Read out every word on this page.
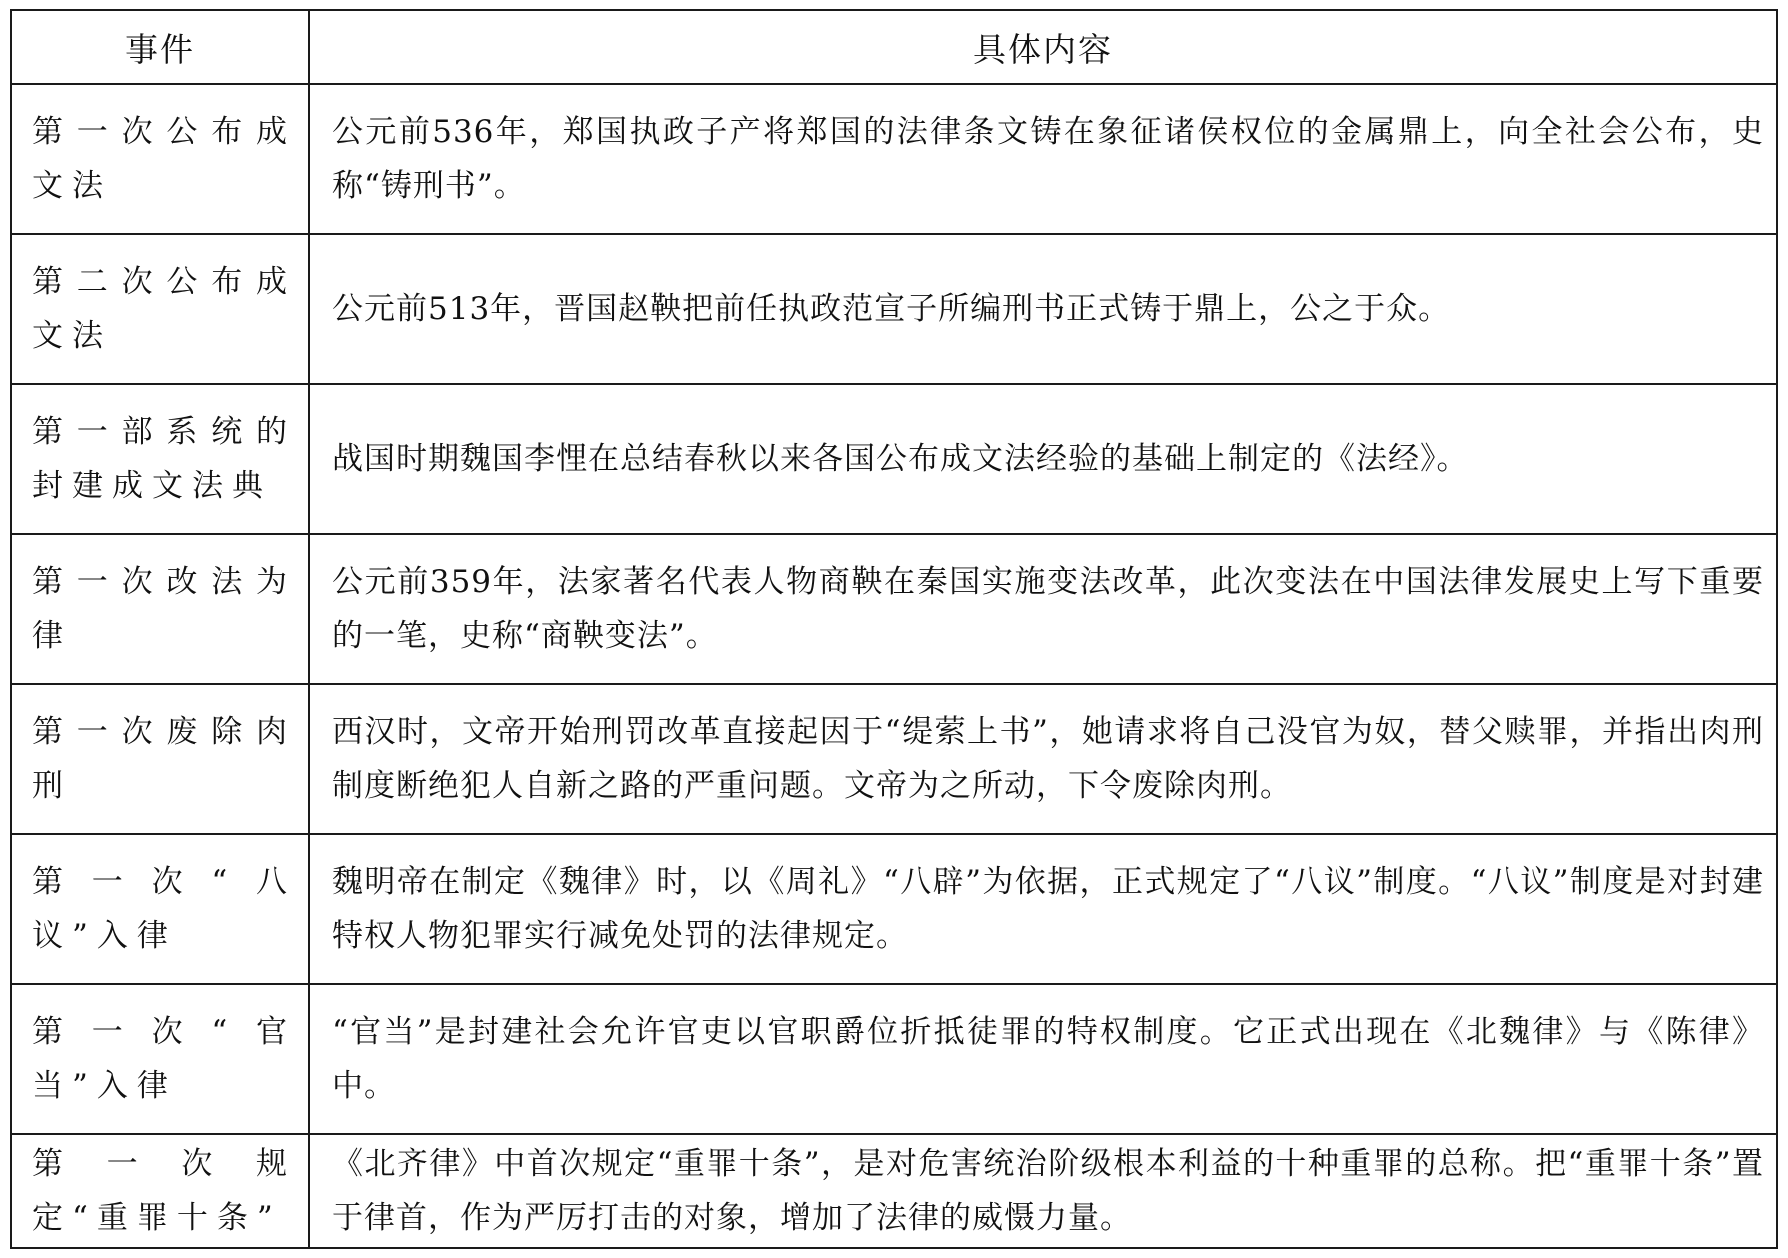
事件	具体内容
第一次公布成文法	公元前536年，郑国执政子产将郑国的法律条文铸在象征诸侯权位的金属鼎上，向全社会公布，史称“铸刑书”。
第二次公布成文法	公元前513年，晋国赵鞅把前任执政范宣子所编刑书正式铸于鼎上，公之于众。
第一部系统的封建成文法典	战国时期魏国李悝在总结春秋以来各国公布成文法经验的基础上制定的《法经》。
第一次改法为律	公元前359年，法家著名代表人物商鞅在秦国实施变法改革，此次变法在中国法律发展史上写下重要的一笔，史称“商鞅变法”。
第一次废除肉刑	西汉时，文帝开始刑罚改革直接起因于“缇萦上书”，她请求将自己没官为奴，替父赎罪，并指出肉刑制度断绝犯人自新之路的严重问题。文帝为之所动，下令废除肉刑。
第一次“八议”入律	魏明帝在制定《魏律》时，以《周礼》“八辟”为依据，正式规定了“八议”制度。“八议”制度是对封建特权人物犯罪实行减免处罚的法律规定。
第一次“官当”入律	“官当”是封建社会允许官吏以官职爵位折抵徒罪的特权制度。它正式出现在《北魏律》与《陈律》中。
第一次规定“重罪十条”	《北齐律》中首次规定“重罪十条”，是对危害统治阶级根本利益的十种重罪的总称。把“重罪十条”置于律首，作为严厉打击的对象，增加了法律的威慑力量。
